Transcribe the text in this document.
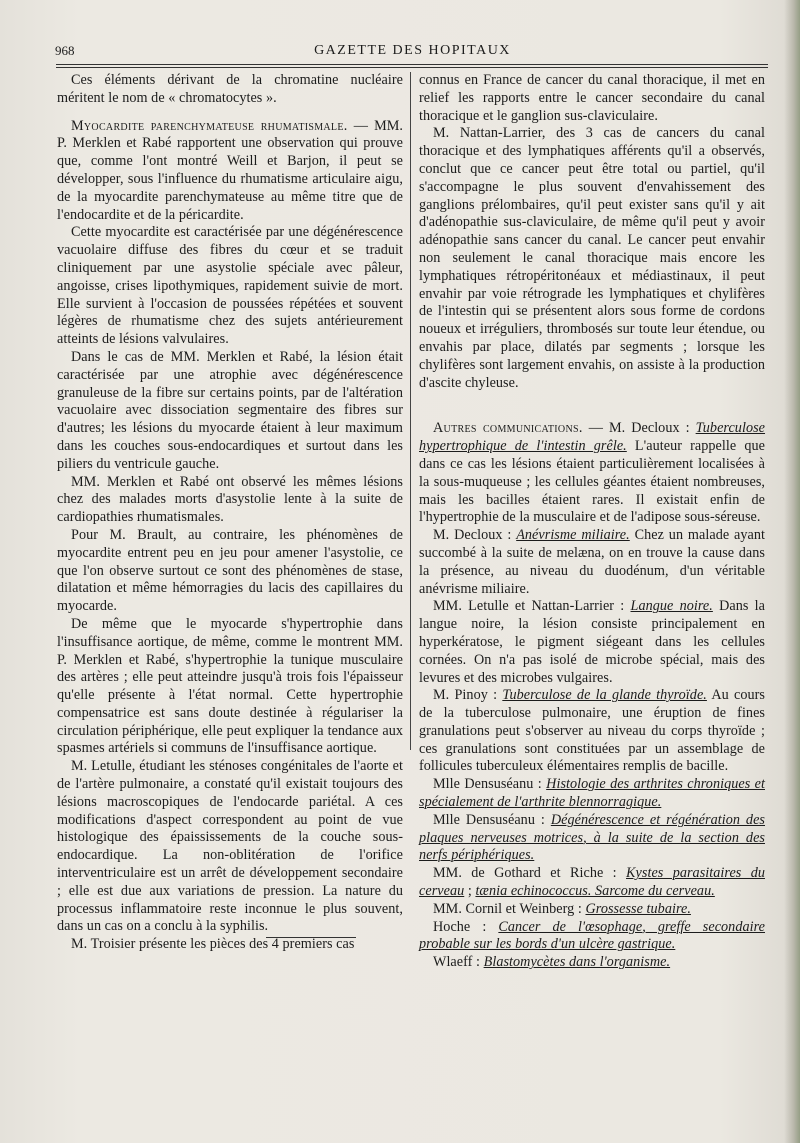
968	GAZETTE DES HOPITAUX

Ces éléments dérivant de la chromatine nucléaire méritent le nom de « chromatocytes ».

Myocardite parenchymateuse rhumatismale. — MM. P. Merklen et Rabé rapportent une observation qui prouve que, comme l'ont montré Weill et Barjon, il peut se développer, sous l'influence du rhumatisme articulaire aigu, de la myocardite parenchymateuse au même titre que de l'endocardite et de la péricardite.

Cette myocardite est caractérisée par une dégénérescence vacuolaire diffuse des fibres du cœur et se traduit cliniquement par une asystolie spéciale avec pâleur, angoisse, crises lipothymiques, rapidement suivie de mort. Elle survient à l'occasion de poussées répétées et souvent légères de rhumatisme chez des sujets antérieurement atteints de lésions valvulaires.

Dans le cas de MM. Merklen et Rabé, la lésion était caractérisée par une atrophie avec dégénérescence granuleuse de la fibre sur certains points, par de l'altération vacuolaire avec dissociation segmentaire des fibres sur d'autres; les lésions du myocarde étaient à leur maximum dans les couches sous-endocardiques et surtout dans les piliers du ventricule gauche.

MM. Merklen et Rabé ont observé les mêmes lésions chez des malades morts d'asystolie lente à la suite de cardiopathies rhumatismales.

Pour M. Brault, au contraire, les phénomènes de myocardite entrent peu en jeu pour amener l'asystolie, ce que l'on observe surtout ce sont des phénomènes de stase, dilatation et même hémorragies du lacis des capillaires du myocarde.

De même que le myocarde s'hypertrophie dans l'insuffisance aortique, de même, comme le montrent MM. P. Merklen et Rabé, s'hypertrophie la tunique musculaire des artères ; elle peut atteindre jusqu'à trois fois l'épaisseur qu'elle présente à l'état normal. Cette hypertrophie compensatrice est sans doute destinée à régulariser la circulation périphérique, elle peut expliquer la tendance aux spasmes artériels si communs de l'insuffisance aortique.

M. Letulle, étudiant les sténoses congénitales de l'aorte et de l'artère pulmonaire, a constaté qu'il existait toujours des lésions macroscopiques de l'endocarde pariétal. A ces modifications d'aspect correspondent au point de vue histologique des épaississements de la couche sous-endocardique. La non-oblitération de l'orifice interventriculaire est un arrêt de développement secondaire ; elle est due aux variations de pression. La nature du processus inflammatoire reste inconnue le plus souvent, dans un cas on a conclu à la syphilis.

M. Troisier présente les pièces des 4 premiers cas

connus en France de cancer du canal thoracique, il met en relief les rapports entre le cancer secondaire du canal thoracique et le ganglion sus-claviculaire.

M. Nattan-Larrier, des 3 cas de cancers du canal thoracique et des lymphatiques afférents qu'il a observés, conclut que ce cancer peut être total ou partiel, qu'il s'accompagne le plus souvent d'envahissement des ganglions prélombaires, qu'il peut exister sans qu'il y ait d'adénopathie sus-claviculaire, de même qu'il peut y avoir adénopathie sans cancer du canal. Le cancer peut envahir non seulement le canal thoracique mais encore les lymphatiques rétropéritonéaux et médiastinaux, il peut envahir par voie rétrograde les lymphatiques et chylifères de l'intestin qui se présentent alors sous forme de cordons noueux et irréguliers, thrombosés sur toute leur étendue, ou envahis par place, dilatés par segments ; lorsque les chylifères sont largement envahis, on assiste à la production d'ascite chyleuse.

Autres communications. — M. Decloux : Tuberculose hypertrophique de l'intestin grêle. L'auteur rappelle que dans ce cas les lésions étaient particulièrement localisées à la sous-muqueuse ; les cellules géantes étaient nombreuses, mais les bacilles étaient rares. Il existait enfin de l'hypertrophie de la musculaire et de l'adipose sous-séreuse.

M. Decloux : Anévrisme miliaire. Chez un malade ayant succombé à la suite de melæna, on en trouve la cause dans la présence, au niveau du duodénum, d'un véritable anévrisme miliaire.

MM. Letulle et Nattan-Larrier : Langue noire. Dans la langue noire, la lésion consiste principalement en hyperkératose, le pigment siégeant dans les cellules cornées. On n'a pas isolé de microbe spécial, mais des levures et des microbes vulgaires.

M. Pinoy : Tuberculose de la glande thyroïde. Au cours de la tuberculose pulmonaire, une éruption de fines granulations peut s'observer au niveau du corps thyroïde ; ces granulations sont constituées par un assemblage de follicules tuberculeux élémentaires remplis de bacille.

Mlle Densuséanu : Histologie des arthrites chroniques et spécialement de l'arthrite blennorragique.

Mlle Densuséanu : Dégénérescence et régénération des plaques nerveuses motrices, à la suite de la section des nerfs périphériques.

MM. de Gothard et Riche : Kystes parasitaires du cerveau ; tænia echinococcus. Sarcome du cerveau.

MM. Cornil et Weinberg : Grossesse tubaire.

Hoche : Cancer de l'œsophage, greffe secondaire probable sur les bords d'un ulcère gastrique.

Wlaeff : Blastomycètes dans l'organisme.
